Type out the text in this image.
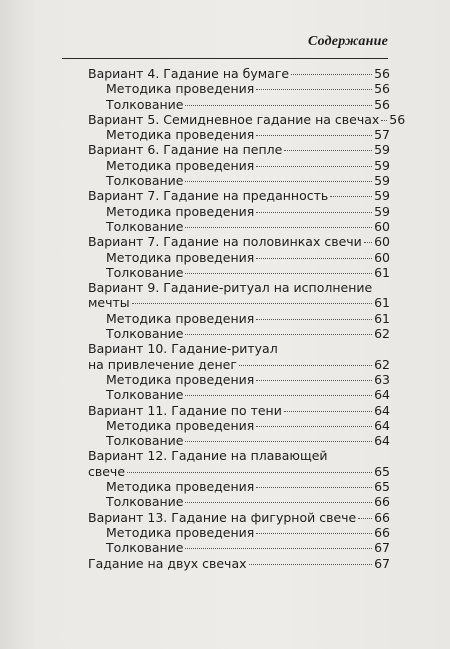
Содержание
Вариант 4. Гадание на бумаге	56
Методика проведения	56
Толкование	56
Вариант 5. Семидневное гадание на свечах 56
Методика проведения	57
Вариант 6. Гадание на пепле	59
Методика проведения	59
Толкование	59
Вариант 7. Гадание на преданность	59
Методика проведения	59
Толкование	60
Вариант 7. Гадание на половинках свечи 60
Методика проведения	60
Толкование	61
Вариант 9. Гадание-ритуал на исполнение
мечты	61
Методика проведения	61
Толкование	62
Вариант 10. Гадание-ритуал
на привлечение денег	62
Методика проведения	63
Толкование	64
Вариант 11. Гадание по тени	64
Методика проведения	64
Толкование	64
Вариант 12. Гадание на плавающей
свече	65
Методика проведения	65
Толкование	66
Вариант 13. Гадание на фигурной свече 66
Методика проведения	66
Толкование	67
Гадание на двух свечах	67
